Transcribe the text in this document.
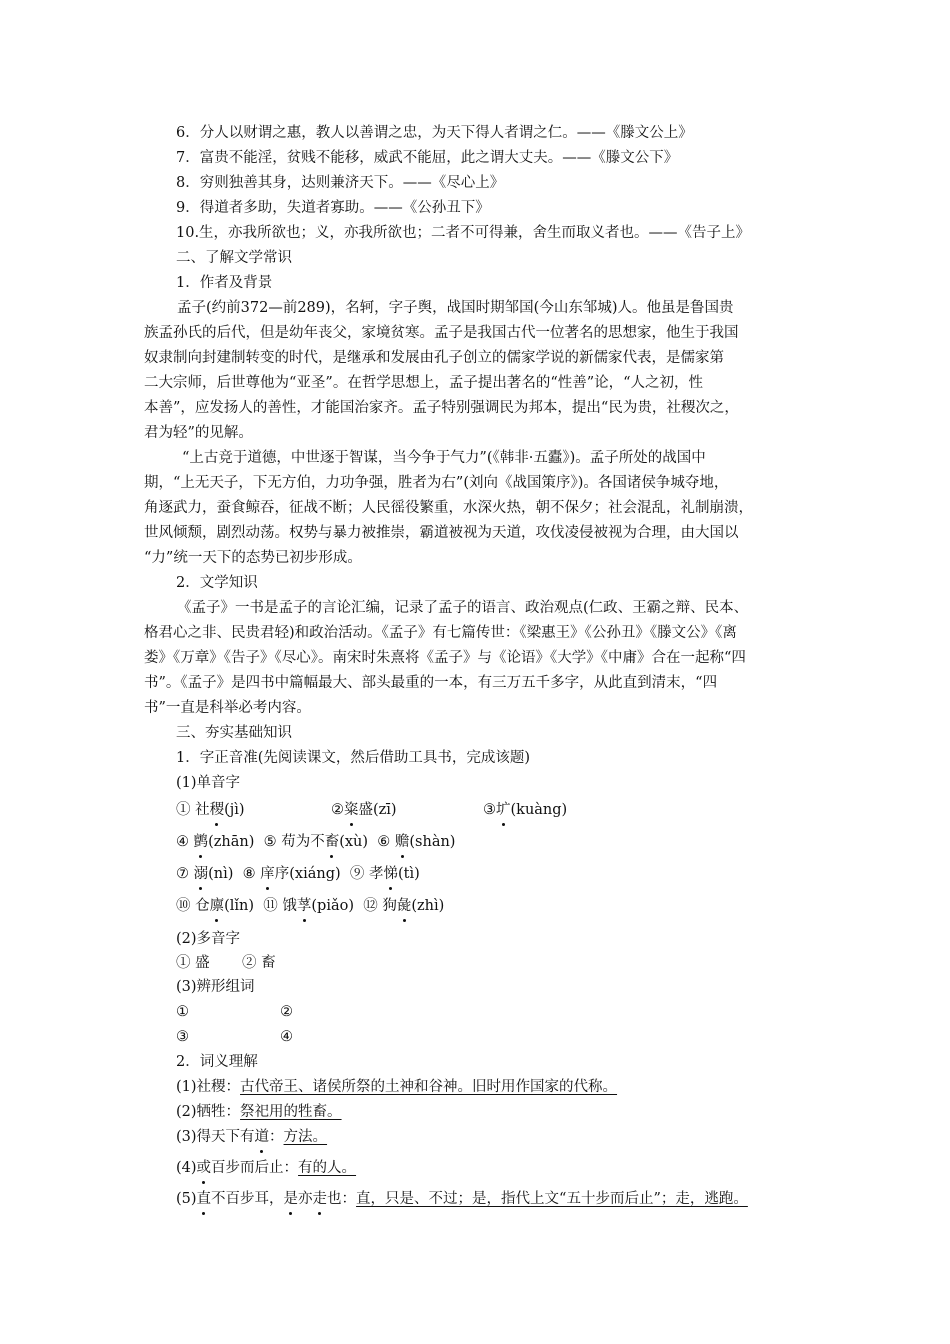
6．分人以财谓之惠，教人以善谓之忠，为天下得人者谓之仁。——《滕文公上》
7．富贵不能淫，贫贱不能移，威武不能屈，此之谓大丈夫。——《滕文公下》
8．穷则独善其身，达则兼济天下。——《尽心上》
9．得道者多助，失道者寡助。——《公孙丑下》
10.生，亦我所欲也；义，亦我所欲也；二者不可得兼，舍生而取义者也。——《告子上》
二、了解文学常识
1．作者及背景
孟子(约前372—前289)，名轲，字子舆，战国时期邹国(今山东邹城)人。他虽是鲁国贵
族孟孙氏的后代，但是幼年丧父，家境贫寒。孟子是我国古代一位著名的思想家，他生于我国
奴隶制向封建制转变的时代，是继承和发展由孔子创立的儒家学说的新儒家代表，是儒家第
二大宗师，后世尊他为“亚圣”。在哲学思想上，孟子提出著名的“性善”论，“人之初，性
本善”，应发扬人的善性，才能国治家齐。孟子特别强调民为邦本，提出“民为贵，社稷次之，
君为轻”的见解。
“上古竞于道德，中世逐于智谋，当今争于气力”(《韩非·五蠹》)。孟子所处的战国中
期，“上无天子，下无方伯，力功争强，胜者为右”(刘向《战国策序》)。各国诸侯争城夺地，
角逐武力，蚕食鲸吞，征战不断；人民徭役繁重，水深火热，朝不保夕；社会混乱，礼制崩溃，
世风倾颓，剧烈动荡。权势与暴力被推崇，霸道被视为天道，攻伐凌侵被视为合理，由大国以
“力”统一天下的态势已初步形成。
2．文学知识
《孟子》一书是孟子的言论汇编，记录了孟子的语言、政治观点(仁政、王霸之辩、民本、
格君心之非、民贵君轻)和政治活动。《孟子》有七篇传世：《梁惠王》《公孙丑》《滕文公》《离
娄》《万章》《告子》《尽心》。南宋时朱熹将《孟子》与《论语》《大学》《中庸》合在一起称“四
书”。《孟子》是四书中篇幅最大、部头最重的一本，有三万五千多字，从此直到清末，“四
书”一直是科举必考内容。
三、夯实基础知识
1．字正音准(先阅读课文，然后借助工具书，完成该题)
(1)单音字
① 社稷(jì)	②粢盛(zī)	③圹(kuàng)
④ 鹯(zhān) ⑤ 苟为不畜(xù) ⑥ 赡(shàn)
⑦ 溺(nì) ⑧ 庠序(xiáng) ⑨ 孝悌(tì)
⑩ 仓廪(lǐn) ⑪ 饿莩(piǎo) ⑫ 狗彘(zhì)
(2)多音字
① 盛 ② 畜
(3)辨形组词
①	②
③	④
2．词义理解
(1)社稷：古代帝王、诸侯所祭的土神和谷神。旧时用作国家的代称。
(2)牺牲：祭祀用的牲畜。
(3)得天下有道：方法。
(4)或百步而后止：有的人。
(5)直不百步耳，是亦走也：直，只是、不过；是，指代上文“五十步而后止”；走，逃跑。
